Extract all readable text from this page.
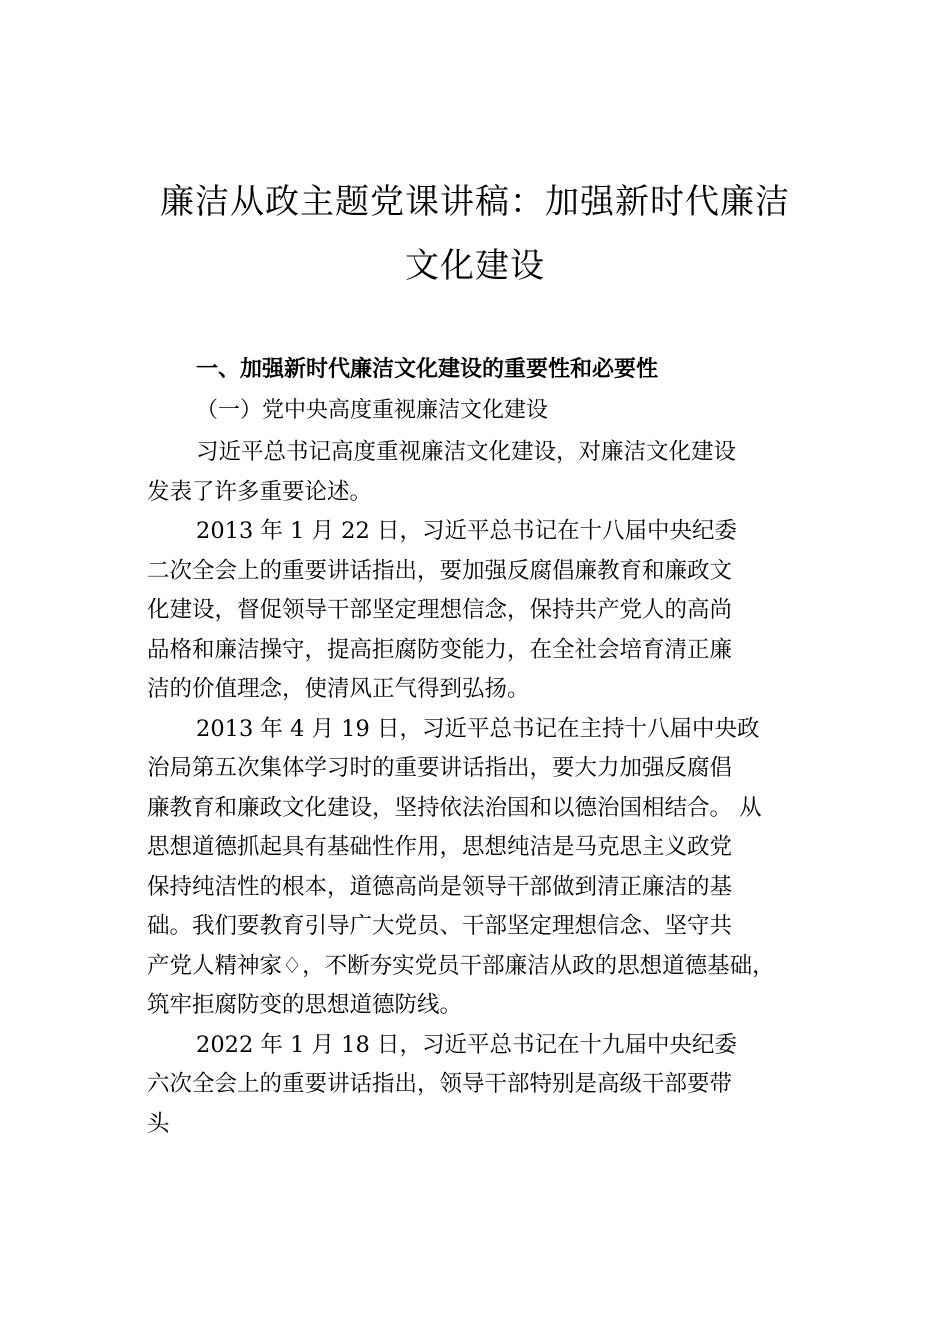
廉洁从政主题党课讲稿：加强新时代廉洁
文化建设
一、加强新时代廉洁文化建设的重要性和必要性
（一）党中央高度重视廉洁文化建设
习近平总书记高度重视廉洁文化建设，对廉洁文化建设
发表了许多重要论述。
2013 年 1 月 22 日，习近平总书记在十八届中央纪委
二次全会上的重要讲话指出，要加强反腐倡廉教育和廉政文
化建设，督促领导干部坚定理想信念，保持共产党人的高尚
品格和廉洁操守，提高拒腐防变能力，在全社会培育清正廉
洁的价值理念，使清风正气得到弘扬。
2013 年 4 月 19 日，习近平总书记在主持十八届中央政
治局第五次集体学习时的重要讲话指出，要大力加强反腐倡
廉教育和廉政文化建设，坚持依法治国和以德治国相结合。 从
思想道德抓起具有基础性作用，思想纯洁是马克思主义政党
保持纯洁性的根本，道德高尚是领导干部做到清正廉洁的基
础。我们要教育引导广大党员、干部坚定理想信念、坚守共
产党人精神家♢，不断夯实党员干部廉洁从政的思想道德基础，
筑牢拒腐防变的思想道德防线。
2022 年 1 月 18 日，习近平总书记在十九届中央纪委
六次全会上的重要讲话指出，领导干部特别是高级干部要带
头
